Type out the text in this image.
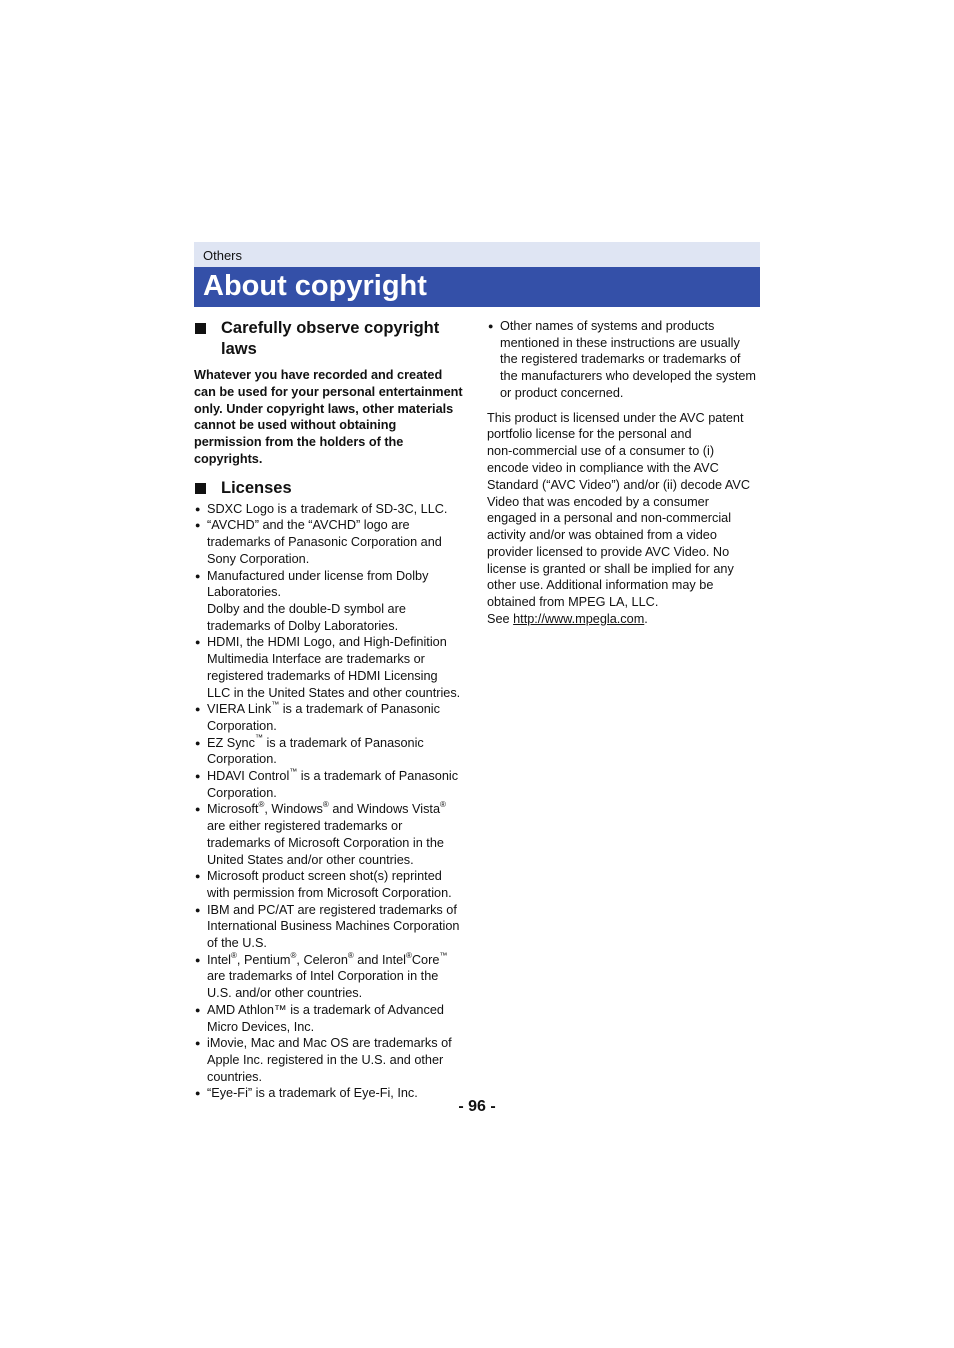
Others
About copyright
Carefully observe copyright
laws

Whatever you have recorded and created
can be used for your personal entertainment
only. Under copyright laws, other materials
cannot be used without obtaining
permission from the holders of the
copyrights.

Licenses
● SDXC Logo is a trademark of SD-3C, LLC.
● “AVCHD” and the “AVCHD” logo are
trademarks of Panasonic Corporation and
Sony Corporation.
● Manufactured under license from Dolby
Laboratories.
Dolby and the double-D symbol are
trademarks of Dolby Laboratories.
● HDMI, the HDMI Logo, and High-Definition
Multimedia Interface are trademarks or
registered trademarks of HDMI Licensing
LLC in the United States and other countries.
● VIERA Link™ is a trademark of Panasonic
Corporation.
● EZ Sync™ is a trademark of Panasonic
Corporation.
● HDAVI Control™ is a trademark of Panasonic
Corporation.
● Microsoft®, Windows® and Windows Vista®
are either registered trademarks or
trademarks of Microsoft Corporation in the
United States and/or other countries.
● Microsoft product screen shot(s) reprinted
with permission from Microsoft Corporation.
● IBM and PC/AT are registered trademarks of
International Business Machines Corporation
of the U.S.
● Intel®, Pentium®, Celeron® and Intel®Core™
are trademarks of Intel Corporation in the
U.S. and/or other countries.
● AMD Athlon™ is a trademark of Advanced
Micro Devices, Inc.
● iMovie, Mac and Mac OS are trademarks of
Apple Inc. registered in the U.S. and other
countries.
● “Eye-Fi” is a trademark of Eye-Fi, Inc.
● Other names of systems and products
mentioned in these instructions are usually
the registered trademarks or trademarks of
the manufacturers who developed the system
or product concerned.

This product is licensed under the AVC patent
portfolio license for the personal and
non-commercial use of a consumer to (i)
encode video in compliance with the AVC
Standard (“AVC Video”) and/or (ii) decode AVC
Video that was encoded by a consumer
engaged in a personal and non-commercial
activity and/or was obtained from a video
provider licensed to provide AVC Video. No
license is granted or shall be implied for any
other use. Additional information may be
obtained from MPEG LA, LLC.
See http://www.mpegla.com.

- 96 -
